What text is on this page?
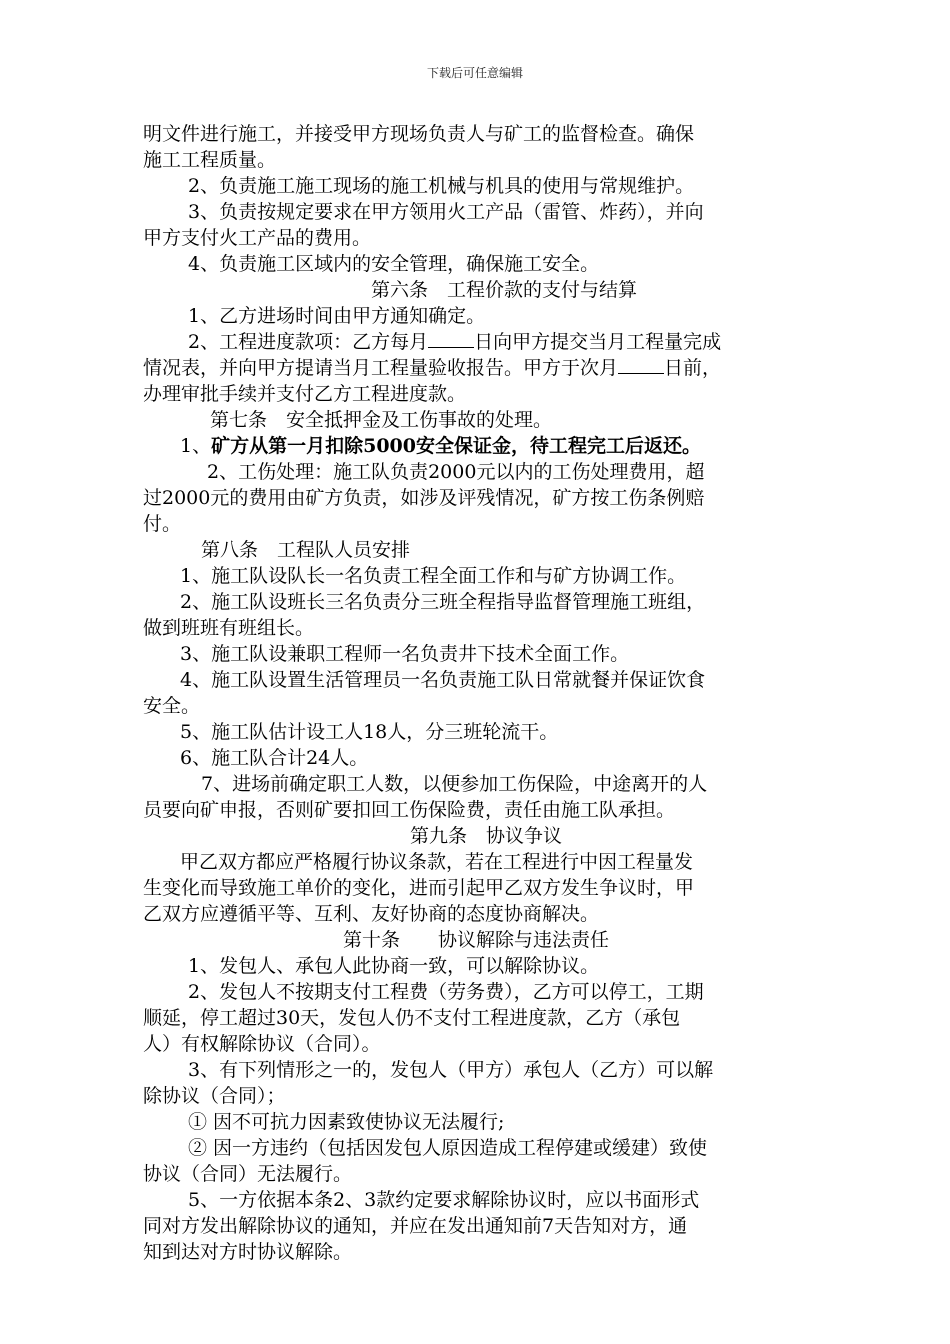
下载后可任意编辑
明文件进行施工，并接受甲方现场负责人与矿工的监督检查。确保
施工工程质量。
2、负责施工施工现场的施工机械与机具的使用与常规维护。
3、负责按规定要求在甲方领用火工产品（雷管、炸药），并向
甲方支付火工产品的费用。
4、负责施工区域内的安全管理，确保施工安全。
第六条　工程价款的支付与结算
1、乙方进场时间由甲方通知确定。
2、工程进度款项：乙方每月 日向甲方提交当月工程量完成
情况表，并向甲方提请当月工程量验收报告。甲方于次月 日前，
办理审批手续并支付乙方工程进度款。
第七条　安全抵押金及工伤事故的处理。
1、矿方从第一月扣除5000安全保证金，待工程完工后返还。
2、工伤处理：施工队负责2000元以内的工伤处理费用，超
过2000元的费用由矿方负责，如涉及评残情况，矿方按工伤条例赔
付。
第八条　工程队人员安排
1、施工队设队长一名负责工程全面工作和与矿方协调工作。
2、施工队设班长三名负责分三班全程指导监督管理施工班组，
做到班班有班组长。
3、施工队设兼职工程师一名负责井下技术全面工作。
4、施工队设置生活管理员一名负责施工队日常就餐并保证饮食
安全。
5、施工队估计设工人18人，分三班轮流干。
6、施工队合计24人。
7、进场前确定职工人数，以便参加工伤保险，中途离开的人
员要向矿申报，否则矿要扣回工伤保险费，责任由施工队承担。
第九条　协议争议
甲乙双方都应严格履行协议条款，若在工程进行中因工程量发
生变化而导致施工单价的变化，进而引起甲乙双方发生争议时，甲
乙双方应遵循平等、互利、友好协商的态度协商解决。
第十条　　协议解除与违法责任
1、发包人、承包人此协商一致，可以解除协议。
2、发包人不按期支付工程费（劳务费），乙方可以停工，工期
顺延，停工超过30天，发包人仍不支付工程进度款，乙方（承包
人）有权解除协议（合同）。
3、有下列情形之一的，发包人（甲方）承包人（乙方）可以解
除协议（合同）；
① 因不可抗力因素致使协议无法履行;
② 因一方违约（包括因发包人原因造成工程停建或缓建）致使
协议（合同）无法履行。
5、一方依据本条2、3款约定要求解除协议时，应以书面形式
同对方发出解除协议的通知，并应在发出通知前7天告知对方，通
知到达对方时协议解除。
